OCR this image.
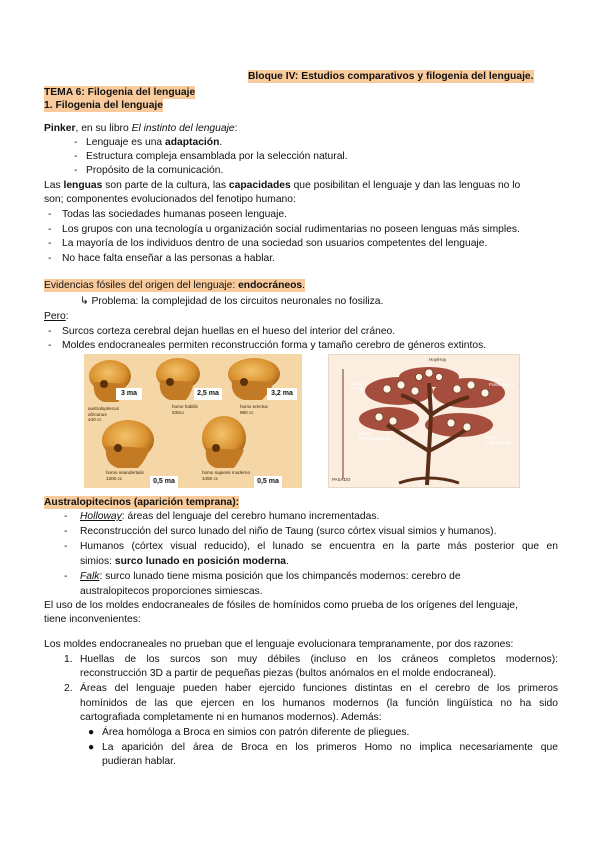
Bloque IV: Estudios comparativos y filogenia del lenguaje.
TEMA 6: Filogenia del lenguaje
1. Filogenia del lenguaje
Pinker, en su libro El instinto del lenguaje:
- Lenguaje es una adaptación.
- Estructura compleja ensamblada por la selección natural.
- Propósito de la comunicación.
Las lenguas son parte de la cultura, las capacidades que posibilitan el lenguaje y dan las lenguas no lo
son; componentes evolucionados del fenotipo humano:
- Todas las sociedades humanas poseen lenguaje.
- Los grupos con una tecnología u organización social rudimentarias no poseen lenguas más simples.
- La mayoría de los individuos dentro de una sociedad son usuarios competentes del lenguaje.
- No hace falta enseñar a las personas a hablar.
Evidencias fósiles del origen del lenguaje: endocráneos.
↳ Problema: la complejidad de los circuitos neuronales no fosiliza.
Pero:
- Surcos corteza cerebral dejan huellas en el hueso del interior del cráneo.
- Moldes endocraneales permiten reconstrucción forma y tamaño cerebro de géneros extintos.
3 ma	2,5 ma	3,2 ma
0,5 ma	0,5 ma
australopitecus
africanus
440 cc
homo habilis
630cc
homo erectus
980 cc
homo neandertalis
1300 cc
homo sapiens moderno
1450 cc
Hoy/Hoy
Grupo
Homo
Grupo
Parántropos
Grupo
Australopitecos	Grupo
Ardipithecus
PASADO
Australopitecinos (aparición temprana):
- Holloway: áreas del lenguaje del cerebro humano incrementadas.
- Reconstrucción del surco lunado del niño de Taung (surco córtex visual simios y humanos).
- Humanos (córtex visual reducido), el lunado se encuentra en la parte más posterior que en
simios: surco lunado en posición moderna.
- Falk: surco lunado tiene misma posición que los chimpancés modernos: cerebro de
australopitecos proporciones simiescas.
El uso de los moldes endocraneales de fósiles de homínidos como prueba de los orígenes del lenguaje,
tiene inconvenientes:
Los moldes endocraneales no prueban que el lenguaje evolucionara tempranamente, por dos razones:
1. Huellas de los surcos son muy débiles (incluso en los cráneos completos modernos):
reconstrucción 3D a partir de pequeñas piezas (bultos anómalos en el molde endocraneal).
2. Áreas del lenguaje pueden haber ejercido funciones distintas en el cerebro de los primeros
homínidos de las que ejercen en los humanos modernos (la función lingüística no ha sido
cartografiada completamente ni en humanos modernos). Además:
● Área homóloga a Broca en simios con patrón diferente de pliegues.
● La aparición del área de Broca en los primeros Homo no implica necesariamente que
pudieran hablar.
